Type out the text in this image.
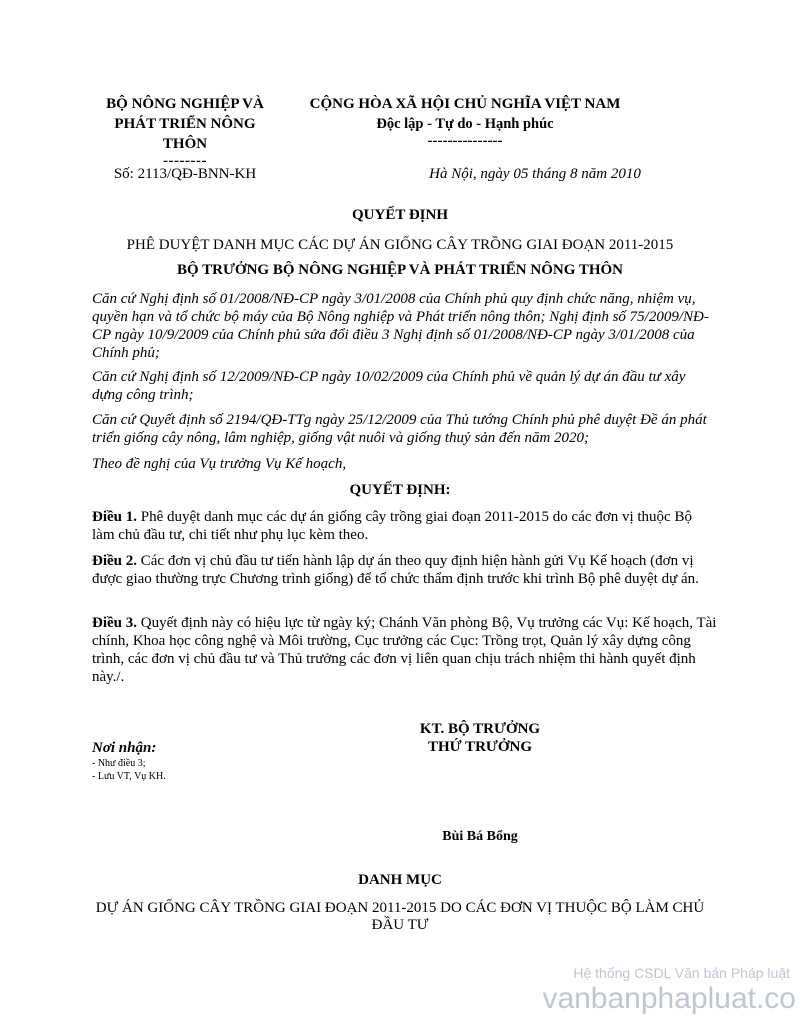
BỘ NÔNG NGHIỆP VÀ
PHÁT TRIỂN NÔNG
THÔN
--------
Số: 2113/QĐ-BNN-KH
CỘNG HÒA XÃ HỘI CHỦ NGHĨA VIỆT NAM
Độc lập - Tự do - Hạnh phúc
---------------
Hà Nội, ngày 05 tháng 8 năm 2010
QUYẾT ĐỊNH
PHÊ DUYỆT DANH MỤC CÁC DỰ ÁN GIỐNG CÂY TRỒNG GIAI ĐOẠN 2011-2015
BỘ TRƯỞNG BỘ NÔNG NGHIỆP VÀ PHÁT TRIỂN NÔNG THÔN
Căn cứ Nghị định số 01/2008/NĐ-CP ngày 3/01/2008 của Chính phủ quy định chức năng, nhiệm vụ, quyền hạn và tổ chức bộ máy của Bộ Nông nghiệp và Phát triển nông thôn; Nghị định số 75/2009/NĐ-CP ngày 10/9/2009 của Chính phủ sửa đổi điều 3 Nghị định số 01/2008/NĐ-CP ngày 3/01/2008 của Chính phủ;
Căn cứ Nghị định số 12/2009/NĐ-CP ngày 10/02/2009 của Chính phủ về quản lý dự án đầu tư xây dựng công trình;
Căn cứ Quyết định số 2194/QĐ-TTg ngày 25/12/2009 của Thủ tướng Chính phủ phê duyệt Đề án phát triển giống cây nông, lâm nghiệp, giống vật nuôi và giống thuỷ sản đến năm 2020;
Theo đề nghị của Vụ trưởng Vụ Kế hoạch,
QUYẾT ĐỊNH:
Điều 1. Phê duyệt danh mục các dự án giống cây trồng giai đoạn 2011-2015 do các đơn vị thuộc Bộ làm chủ đầu tư, chi tiết như phụ lục kèm theo.
Điều 2. Các đơn vị chủ đầu tư tiến hành lập dự án theo quy định hiện hành gửi Vụ Kế hoạch (đơn vị được giao thường trực Chương trình giống) để tổ chức thẩm định trước khi trình Bộ phê duyệt dự án.
Điều 3. Quyết định này có hiệu lực từ ngày ký; Chánh Văn phòng Bộ, Vụ trưởng các Vụ: Kế hoạch, Tài chính, Khoa học công nghệ và Môi trường, Cục trưởng các Cục: Trồng trọt, Quản lý xây dựng công trình, các đơn vị chủ đầu tư và Thủ trưởng các đơn vị liên quan chịu trách nhiệm thi hành quyết định này./.
KT. BỘ TRƯỞNG
THỨ TRƯỞNG
Nơi nhận:
- Như điều 3;
- Lưu VT, Vụ KH.
Bùi Bá Bổng
DANH MỤC
DỰ ÁN GIỐNG CÂY TRỒNG GIAI ĐOẠN 2011-2015 DO CÁC ĐƠN VỊ THUỘC BỘ LÀM CHỦ ĐẦU TƯ
Hệ thống CSDL Văn bản Pháp luật
vanbanphapluat.co
